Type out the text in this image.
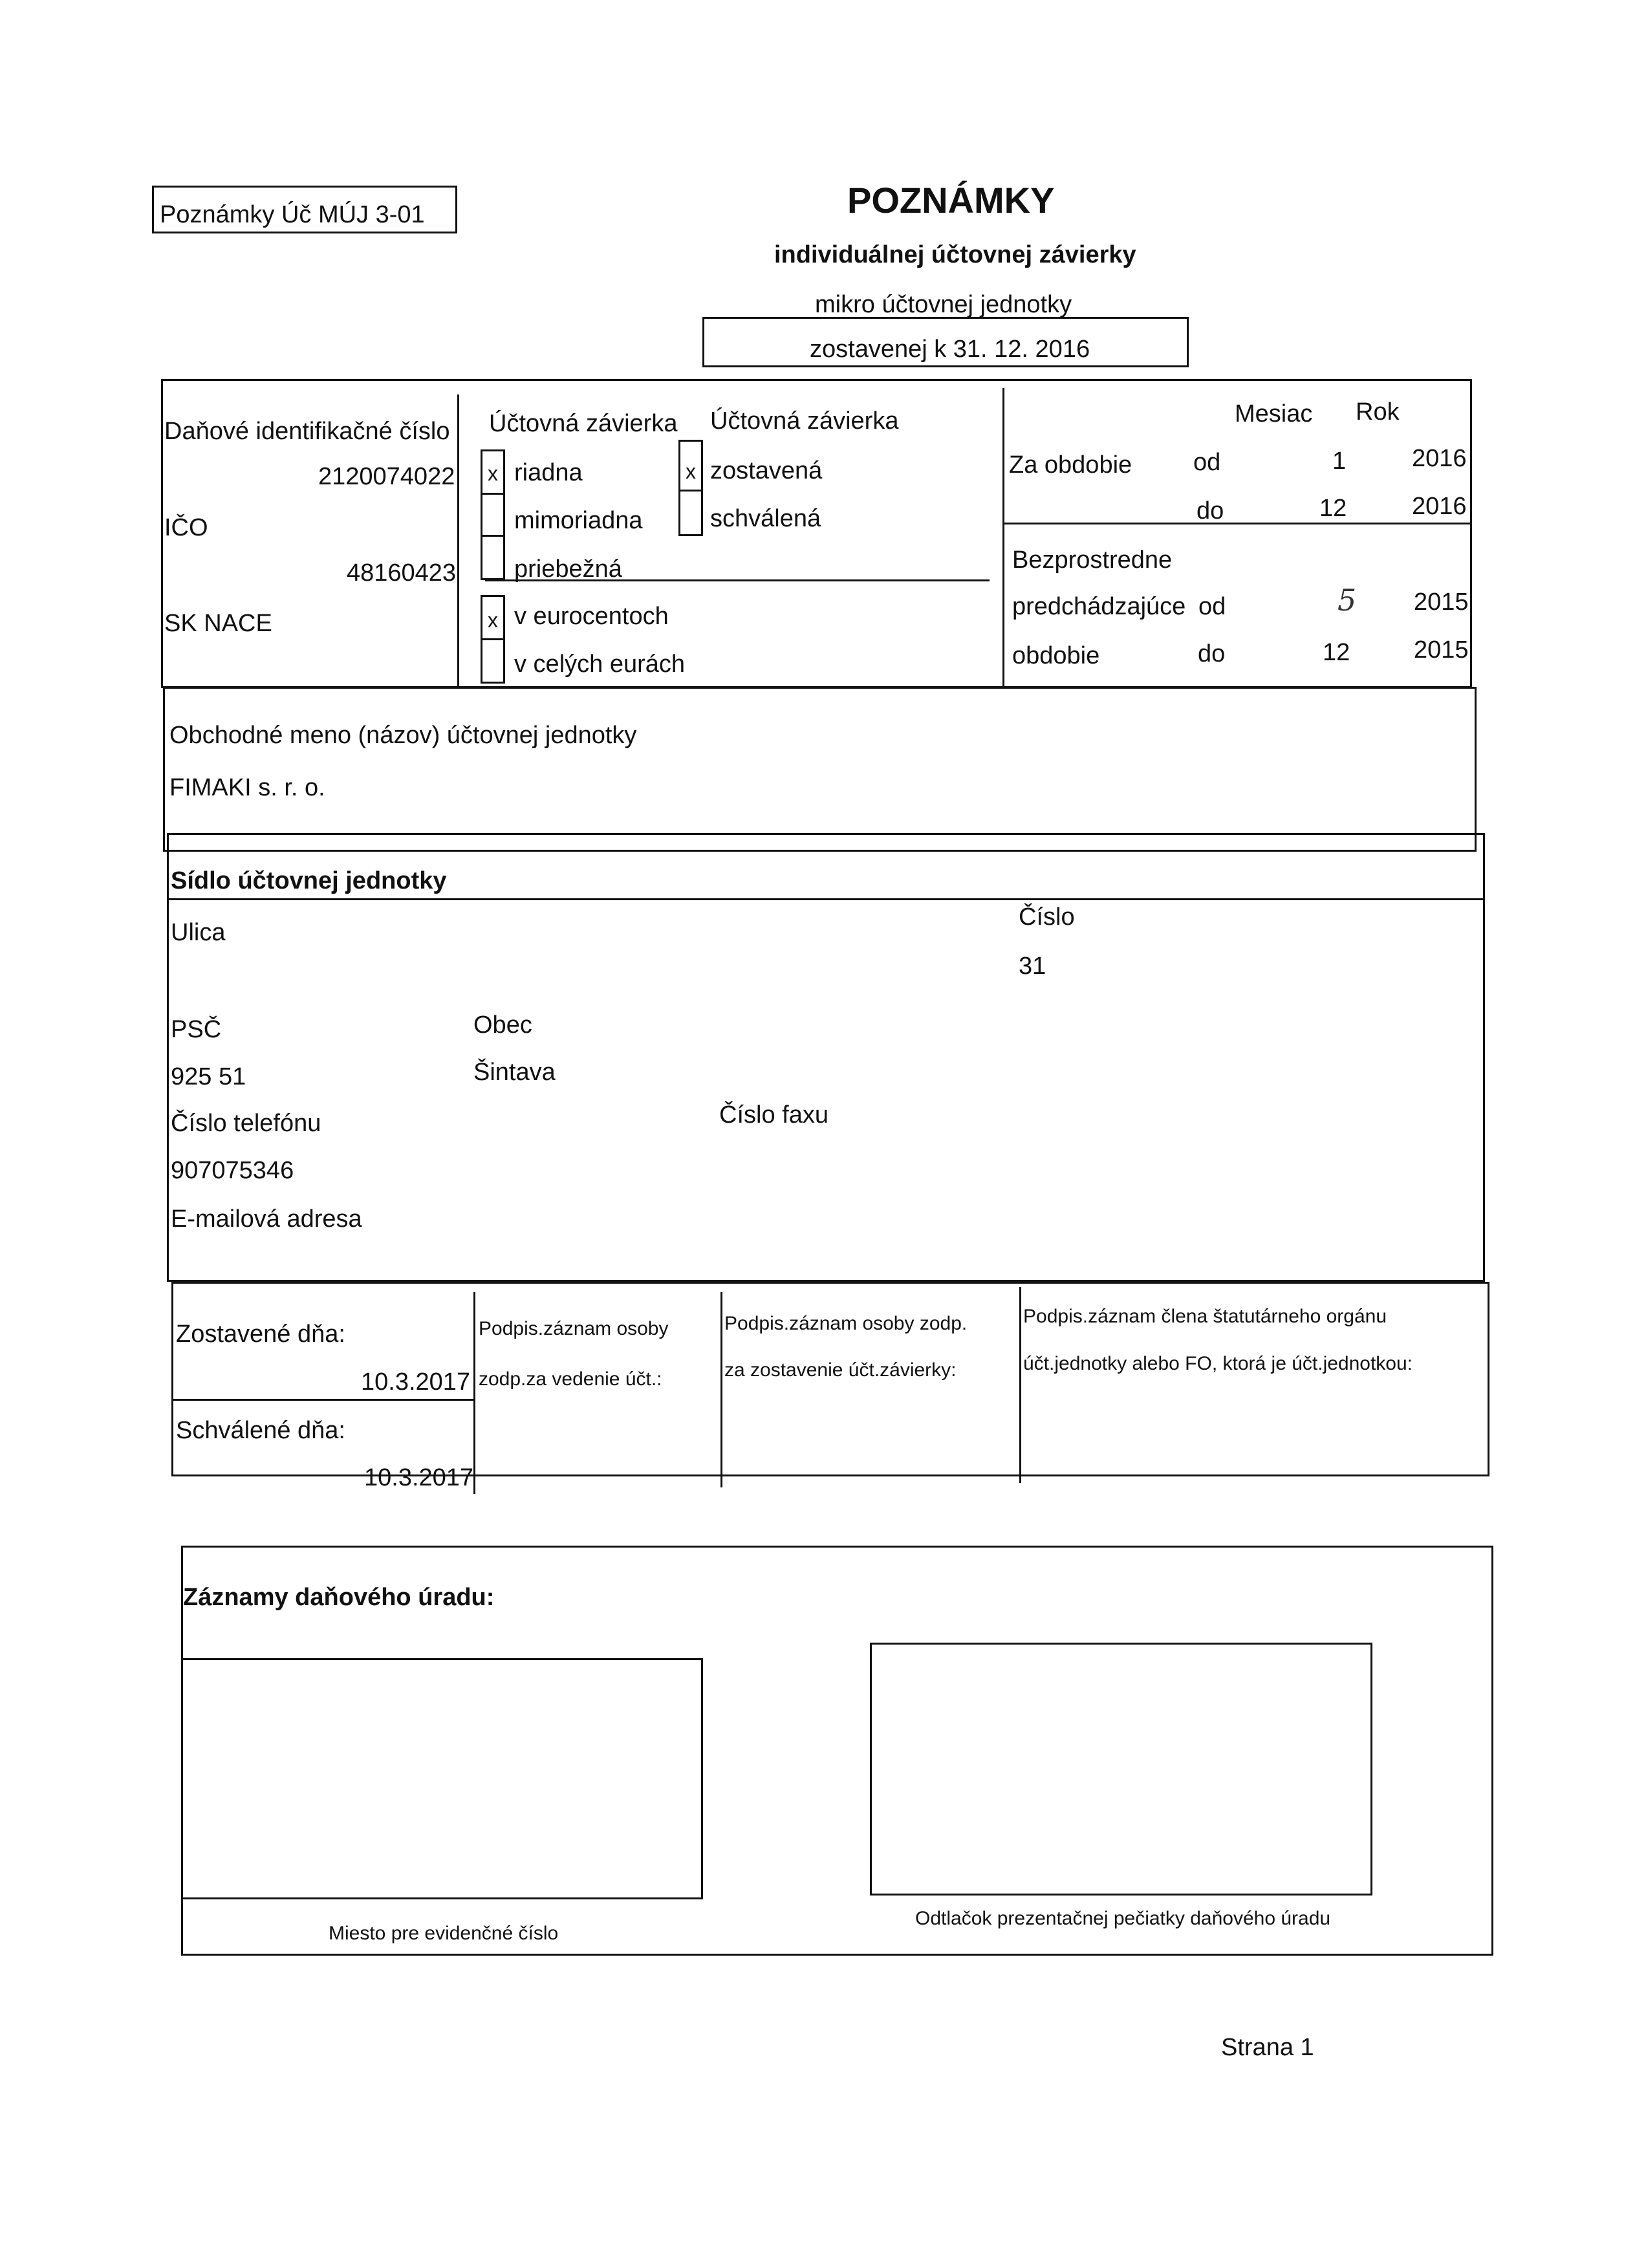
Poznámky Úč MÚJ 3-01	POZNÁMKY
individuálnej účtovnej závierky
mikro účtovnej jednotky
zostavenej k 31. 12. 2016
Daňové identifikačné číslo
2120074022
IČO
48160423
SK NACE
Účtovná závierka
x riadna
mimoriadna
priebežná
x v eurocentoch
v celých eurách
Účtovná závierka
x zostavená
schválená
Mesiac Rok
Za obdobie od	1	2016
do	12	2016
Bezprostredne
predchádzajúce
obdobie
od	5 2015
do	12	2015
Obchodné meno (názov) účtovnej jednotky
FIMAKI s. r. o.
Sídlo účtovnej jednotky
Ulica
Číslo
31
PSČ
925 51
Obec
Šintava
Číslo telefónu
907075346
Číslo faxu
E-mailová adresa
Zostavené dňa:
10.3.2017
Schválené dňa:
10.3.2017
Podpis.záznam osoby
zodp.za vedenie účt.:
Podpis.záznam osoby zodp.
za zostavenie účt.závierky:
Podpis.záznam člena štatutárneho orgánu
účt.jednotky alebo FO, ktorá je účt.jednotkou:
Záznamy daňového úradu:
Miesto pre evidenčné číslo
Odtlačok prezentačnej pečiatky daňového úradu
Strana 1
